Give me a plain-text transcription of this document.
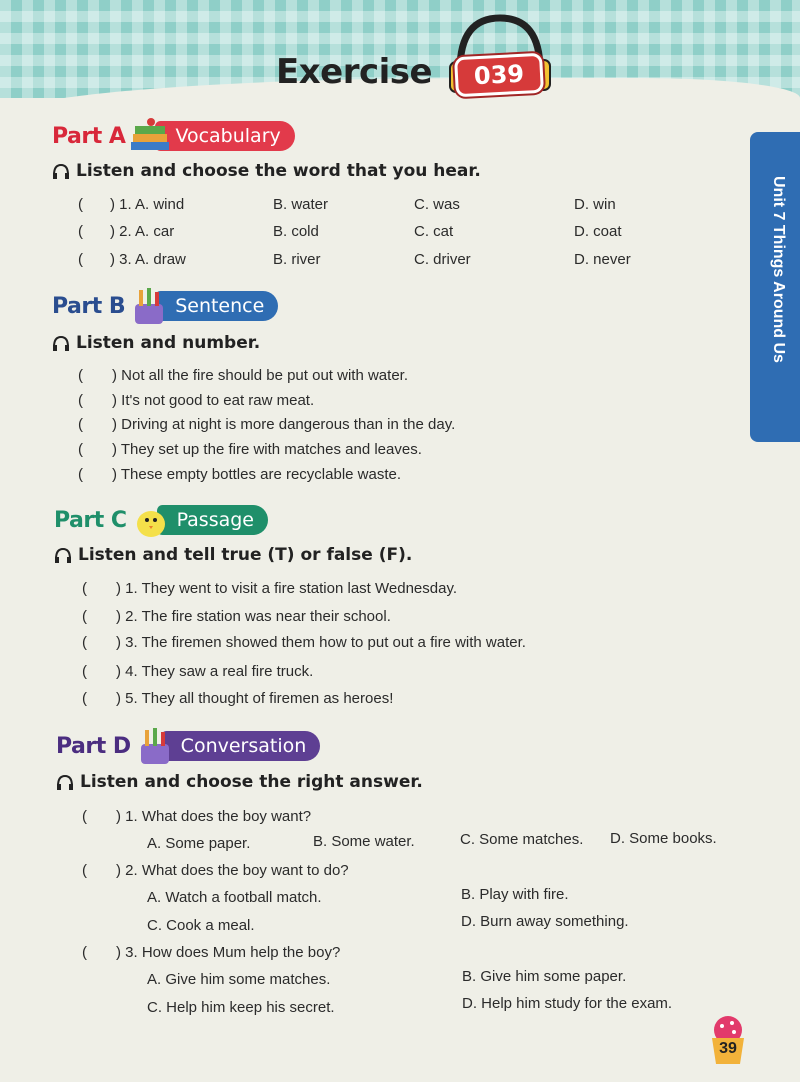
Exercise	039
Unit 7 Things Around Us
Part A	Vocabulary
Listen and choose the word that you hear.
( ) 1. A. wind	B. water	C. was	D. win
( ) 2. A. car	B. cold	C. cat	D. coat
( ) 3. A. draw	B. river	C. driver	D. never
Part B	Sentence
Listen and number.
( ) Not all the fire should be put out with water.
( ) It's not good to eat raw meat.
( ) Driving at night is more dangerous than in the day.
( ) They set up the fire with matches and leaves.
( ) These empty bottles are recyclable waste.
Part C	Passage
Listen and tell true (T) or false (F).
( ) 1. They went to visit a fire station last Wednesday.
( ) 2. The fire station was near their school.
( ) 3. The firemen showed them how to put out a fire with water.
( ) 4. They saw a real fire truck.
( ) 5. They all thought of firemen as heroes!
Part D	Conversation
Listen and choose the right answer.
( ) 1. What does the boy want?
A. Some paper.	B. Some water.	C. Some matches. D. Some books.
( ) 2. What does the boy want to do?
A. Watch a football match.	B. Play with fire.
C. Cook a meal.	D. Burn away something.
( ) 3. How does Mum help the boy?
A. Give him some matches.	B. Give him some paper.
C. Help him keep his secret.	D. Help him study for the exam.
39
